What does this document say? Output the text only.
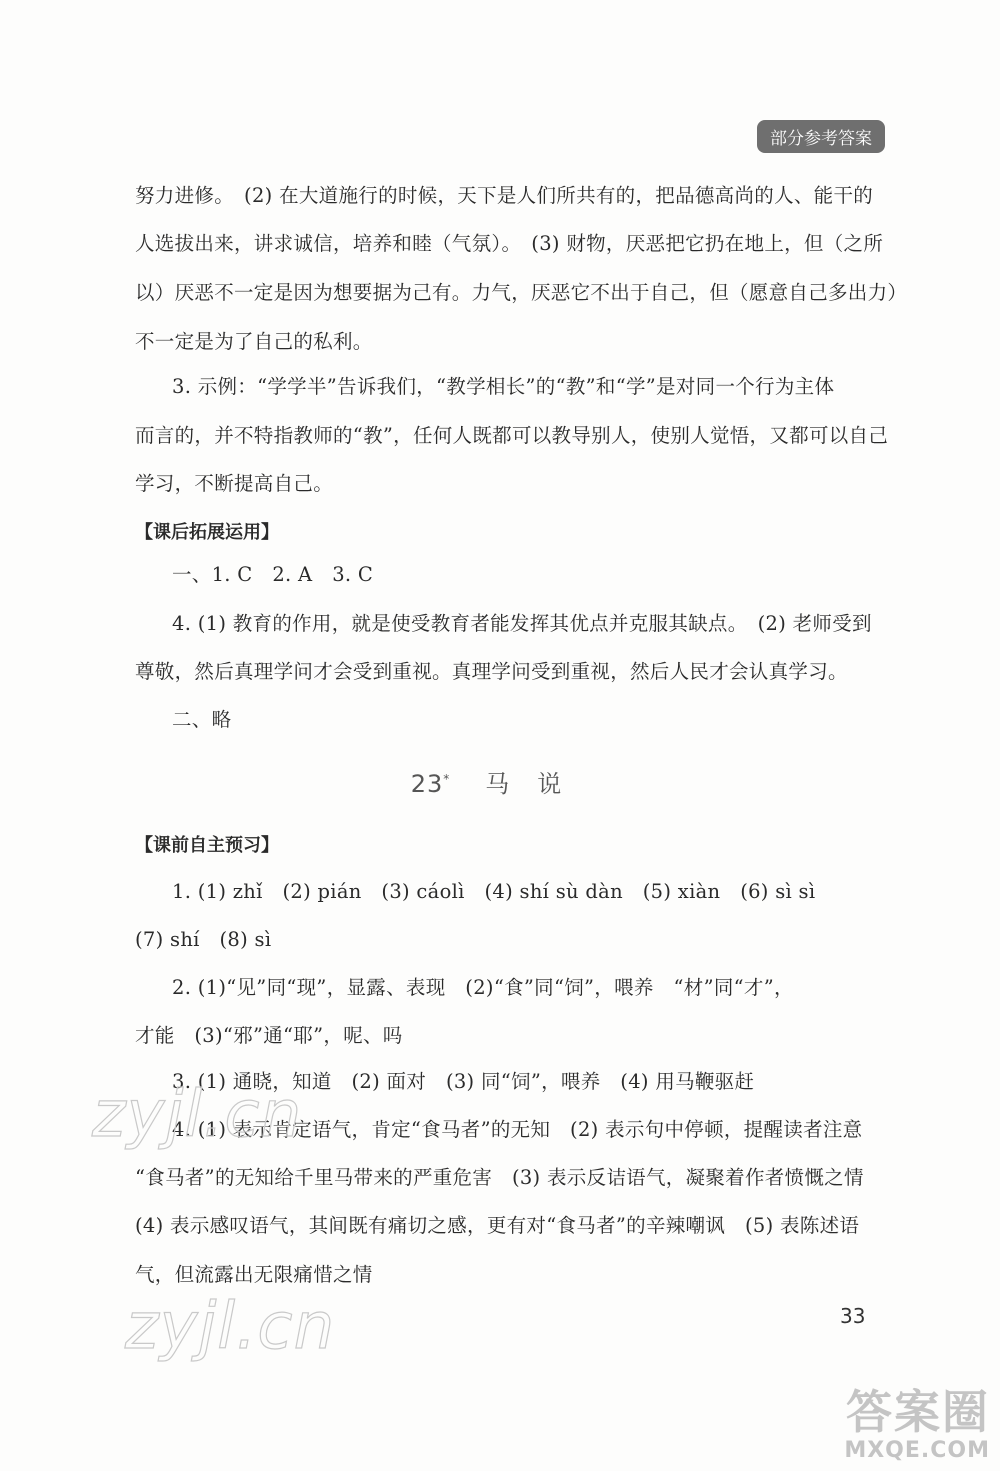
部分参考答案
努力进修。　(2) 在大道施行的时候，天下是人们所共有的，把品德高尚的人、能干的
人选拔出来，讲求诚信，培养和睦（气氛）。　(3) 财物，厌恶把它扔在地上，但（之所
以）厌恶不一定是因为想要据为己有。力气，厌恶它不出于自己，但（愿意自己多出力）
不一定是为了自己的私利。
3. 示例：“学学半”告诉我们，“教学相长”的“教”和“学”是对同一个行为主体
而言的，并不特指教师的“教”，任何人既都可以教导别人，使别人觉悟，又都可以自己
学习，不断提高自己。
【课后拓展运用】
一、1. C　2. A　3. C
4. (1) 教育的作用，就是使受教育者能发挥其优点并克服其缺点。　(2) 老师受到
尊敬，然后真理学问才会受到重视。真理学问受到重视，然后人民才会认真学习。
二、略
23* 马说
【课前自主预习】
1. (1) zhǐ　(2) pián　(3) cáolì　(4) shí sù dàn　(5) xiàn　(6) sì sì
(7) shí　(8) sì
2. (1)“见”同“现”，显露、表现　(2)“食”同“饲”，喂养　“材”同“才”，
才能　(3)“邪”通“耶”，呢、吗
3. (1) 通晓，知道　(2) 面对　(3) 同“饲”，喂养　(4) 用马鞭驱赶
4. (1) 表示肯定语气，肯定“食马者”的无知　(2) 表示句中停顿，提醒读者注意
“食马者”的无知给千里马带来的严重危害　(3) 表示反诘语气，凝聚着作者愤慨之情
(4) 表示感叹语气，其间既有痛切之感，更有对“食马者”的辛辣嘲讽　(5) 表陈述语
气，但流露出无限痛惜之情
33
zyjl.cn
zyjl.cn
答案圈
MXQE.COM
